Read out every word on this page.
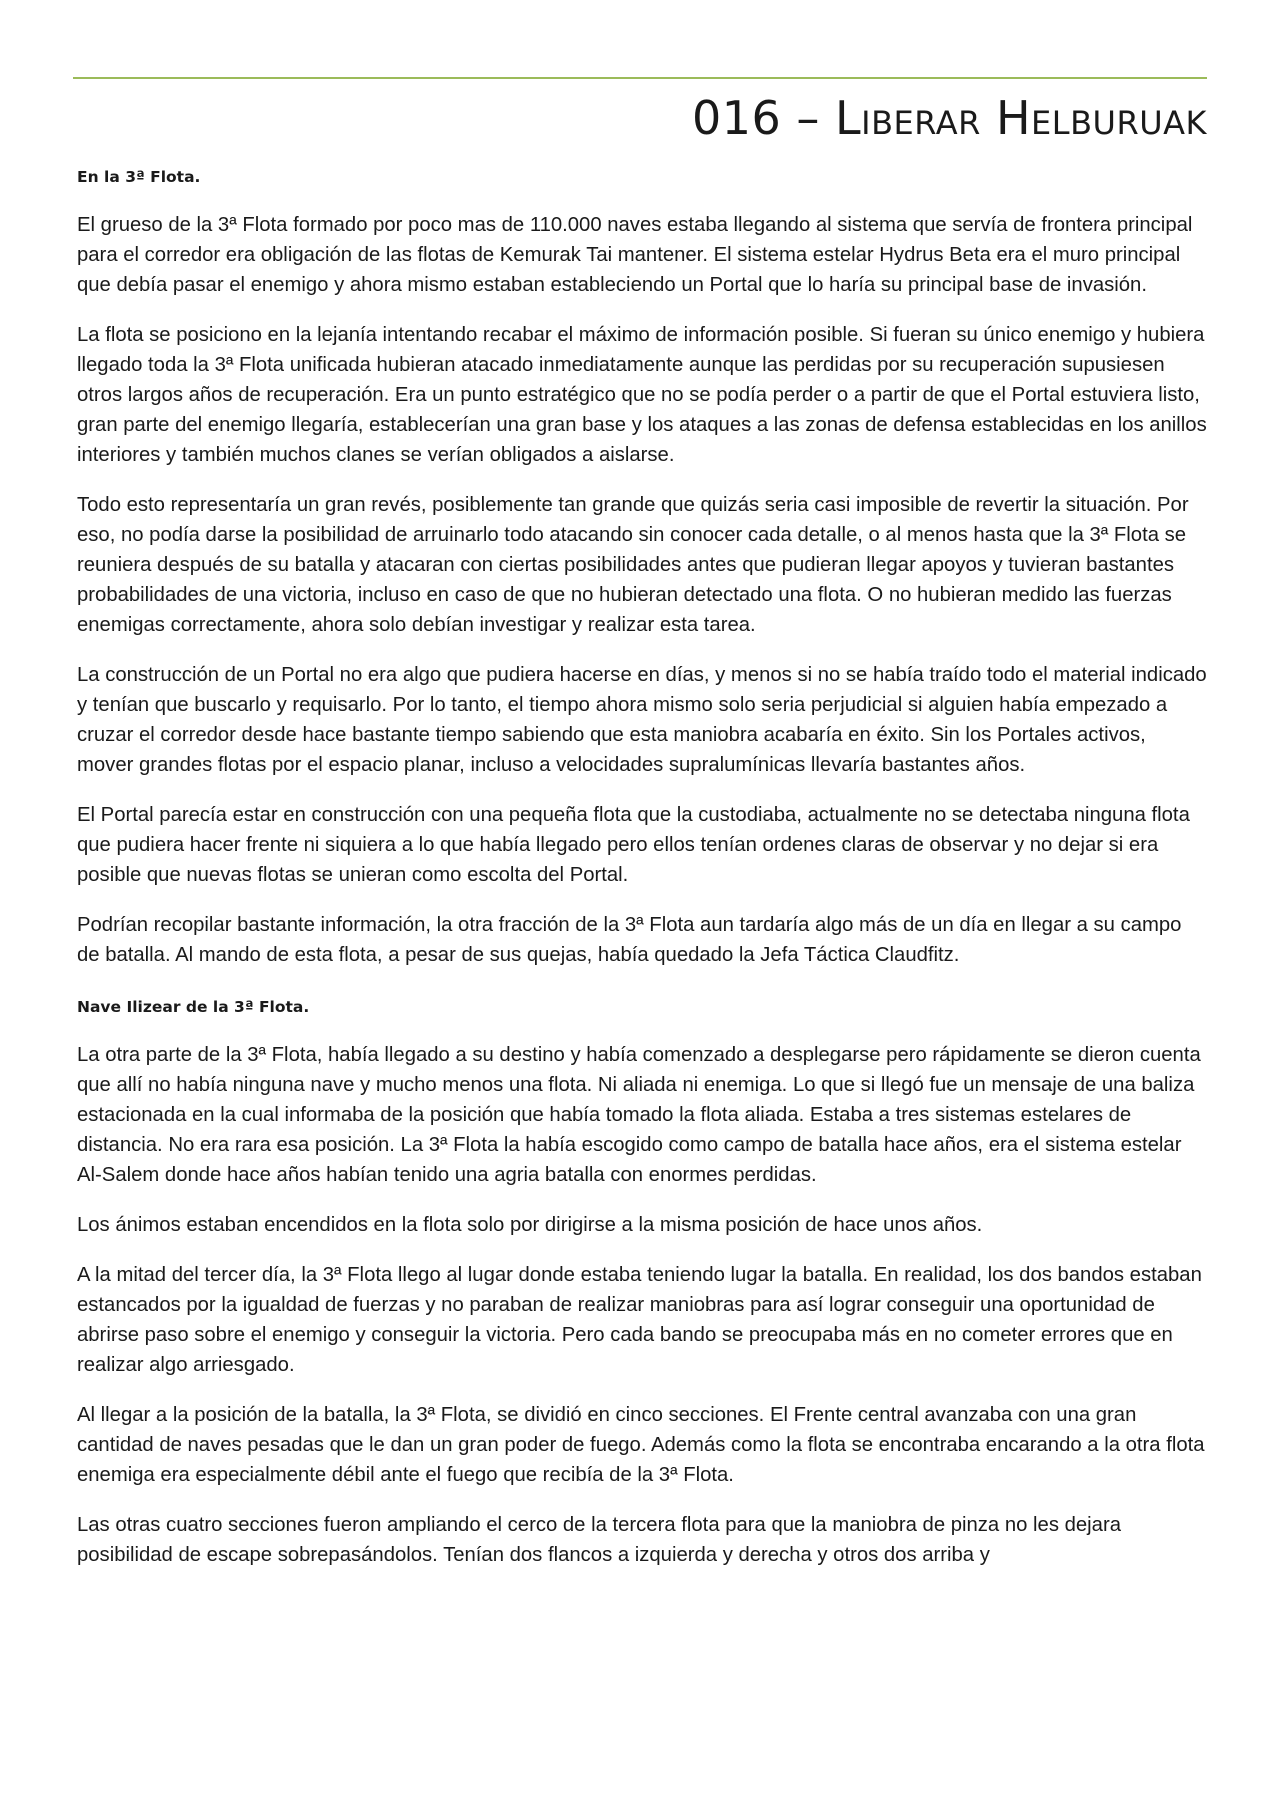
016 – Liberar Helburuak
En la 3ª Flota.

El grueso de la 3ª Flota formado por poco mas de 110.000 naves estaba llegando al sistema que servía de frontera principal para el corredor era obligación de las flotas de Kemurak Tai mantener. El sistema estelar Hydrus Beta era el muro principal que debía pasar el enemigo y ahora mismo estaban estableciendo un Portal que lo haría su principal base de invasión.

La flota se posiciono en la lejanía intentando recabar el máximo de información posible. Si fueran su único enemigo y hubiera llegado toda la 3ª Flota unificada hubieran atacado inmediatamente aunque las perdidas por su recuperación supusiesen otros largos años de recuperación. Era un punto estratégico que no se podía perder o a partir de que el Portal estuviera listo, gran parte del enemigo llegaría, establecerían una gran base y los ataques a las zonas de defensa establecidas en los anillos interiores y también muchos clanes se verían obligados a aislarse.

Todo esto representaría un gran revés, posiblemente tan grande que quizás seria casi imposible de revertir la situación. Por eso, no podía darse la posibilidad de arruinarlo todo atacando sin conocer cada detalle, o al menos hasta que la 3ª Flota se reuniera después de su batalla y atacaran con ciertas posibilidades antes que pudieran llegar apoyos y tuvieran bastantes probabilidades de una victoria, incluso en caso de que no hubieran detectado una flota. O no hubieran medido las fuerzas enemigas correctamente, ahora solo debían investigar y realizar esta tarea.

La construcción de un Portal no era algo que pudiera hacerse en días, y menos si no se había traído todo el material indicado y tenían que buscarlo y requisarlo. Por lo tanto, el tiempo ahora mismo solo seria perjudicial si alguien había empezado a cruzar el corredor desde hace bastante tiempo sabiendo que esta maniobra acabaría en éxito. Sin los Portales activos, mover grandes flotas por el espacio planar, incluso a velocidades supralumínicas llevaría bastantes años.

El Portal parecía estar en construcción con una pequeña flota que la custodiaba, actualmente no se detectaba ninguna flota que pudiera hacer frente ni siquiera a lo que había llegado pero ellos tenían ordenes claras de observar y no dejar si era posible que nuevas flotas se unieran como escolta del Portal.

Podrían recopilar bastante información, la otra fracción de la 3ª Flota aun tardaría algo más de un día en llegar a su campo de batalla. Al mando de esta flota, a pesar de sus quejas, había quedado la Jefa Táctica Claudfitz.

Nave Ilizear de la 3ª Flota.

La otra parte de la 3ª Flota, había llegado a su destino y había comenzado a desplegarse pero rápidamente se dieron cuenta que allí no había ninguna nave y mucho menos una flota. Ni aliada ni enemiga. Lo que si llegó fue un mensaje de una baliza estacionada en la cual informaba de la posición que había tomado la flota aliada. Estaba a tres sistemas estelares de distancia. No era rara esa posición. La 3ª Flota la había escogido como campo de batalla hace años, era el sistema estelar Al-Salem donde hace años habían tenido una agria batalla con enormes perdidas.

Los ánimos estaban encendidos en la flota solo por dirigirse a la misma posición de hace unos años.

A la mitad del tercer día, la 3ª Flota llego al lugar donde estaba teniendo lugar la batalla. En realidad, los dos bandos estaban estancados por la igualdad de fuerzas y no paraban de realizar maniobras para así lograr conseguir una oportunidad de abrirse paso sobre el enemigo y conseguir la victoria. Pero cada bando se preocupaba más en no cometer errores que en realizar algo arriesgado.

Al llegar a la posición de la batalla, la 3ª Flota, se dividió en cinco secciones. El Frente central avanzaba con una gran cantidad de naves pesadas que le dan un gran poder de fuego. Además como la flota se encontraba encarando a la otra flota enemiga era especialmente débil ante el fuego que recibía de la 3ª Flota.

Las otras cuatro secciones fueron ampliando el cerco de la tercera flota para que la maniobra de pinza no les dejara posibilidad de escape sobrepasándolos. Tenían dos flancos a izquierda y derecha y otros dos arriba y
